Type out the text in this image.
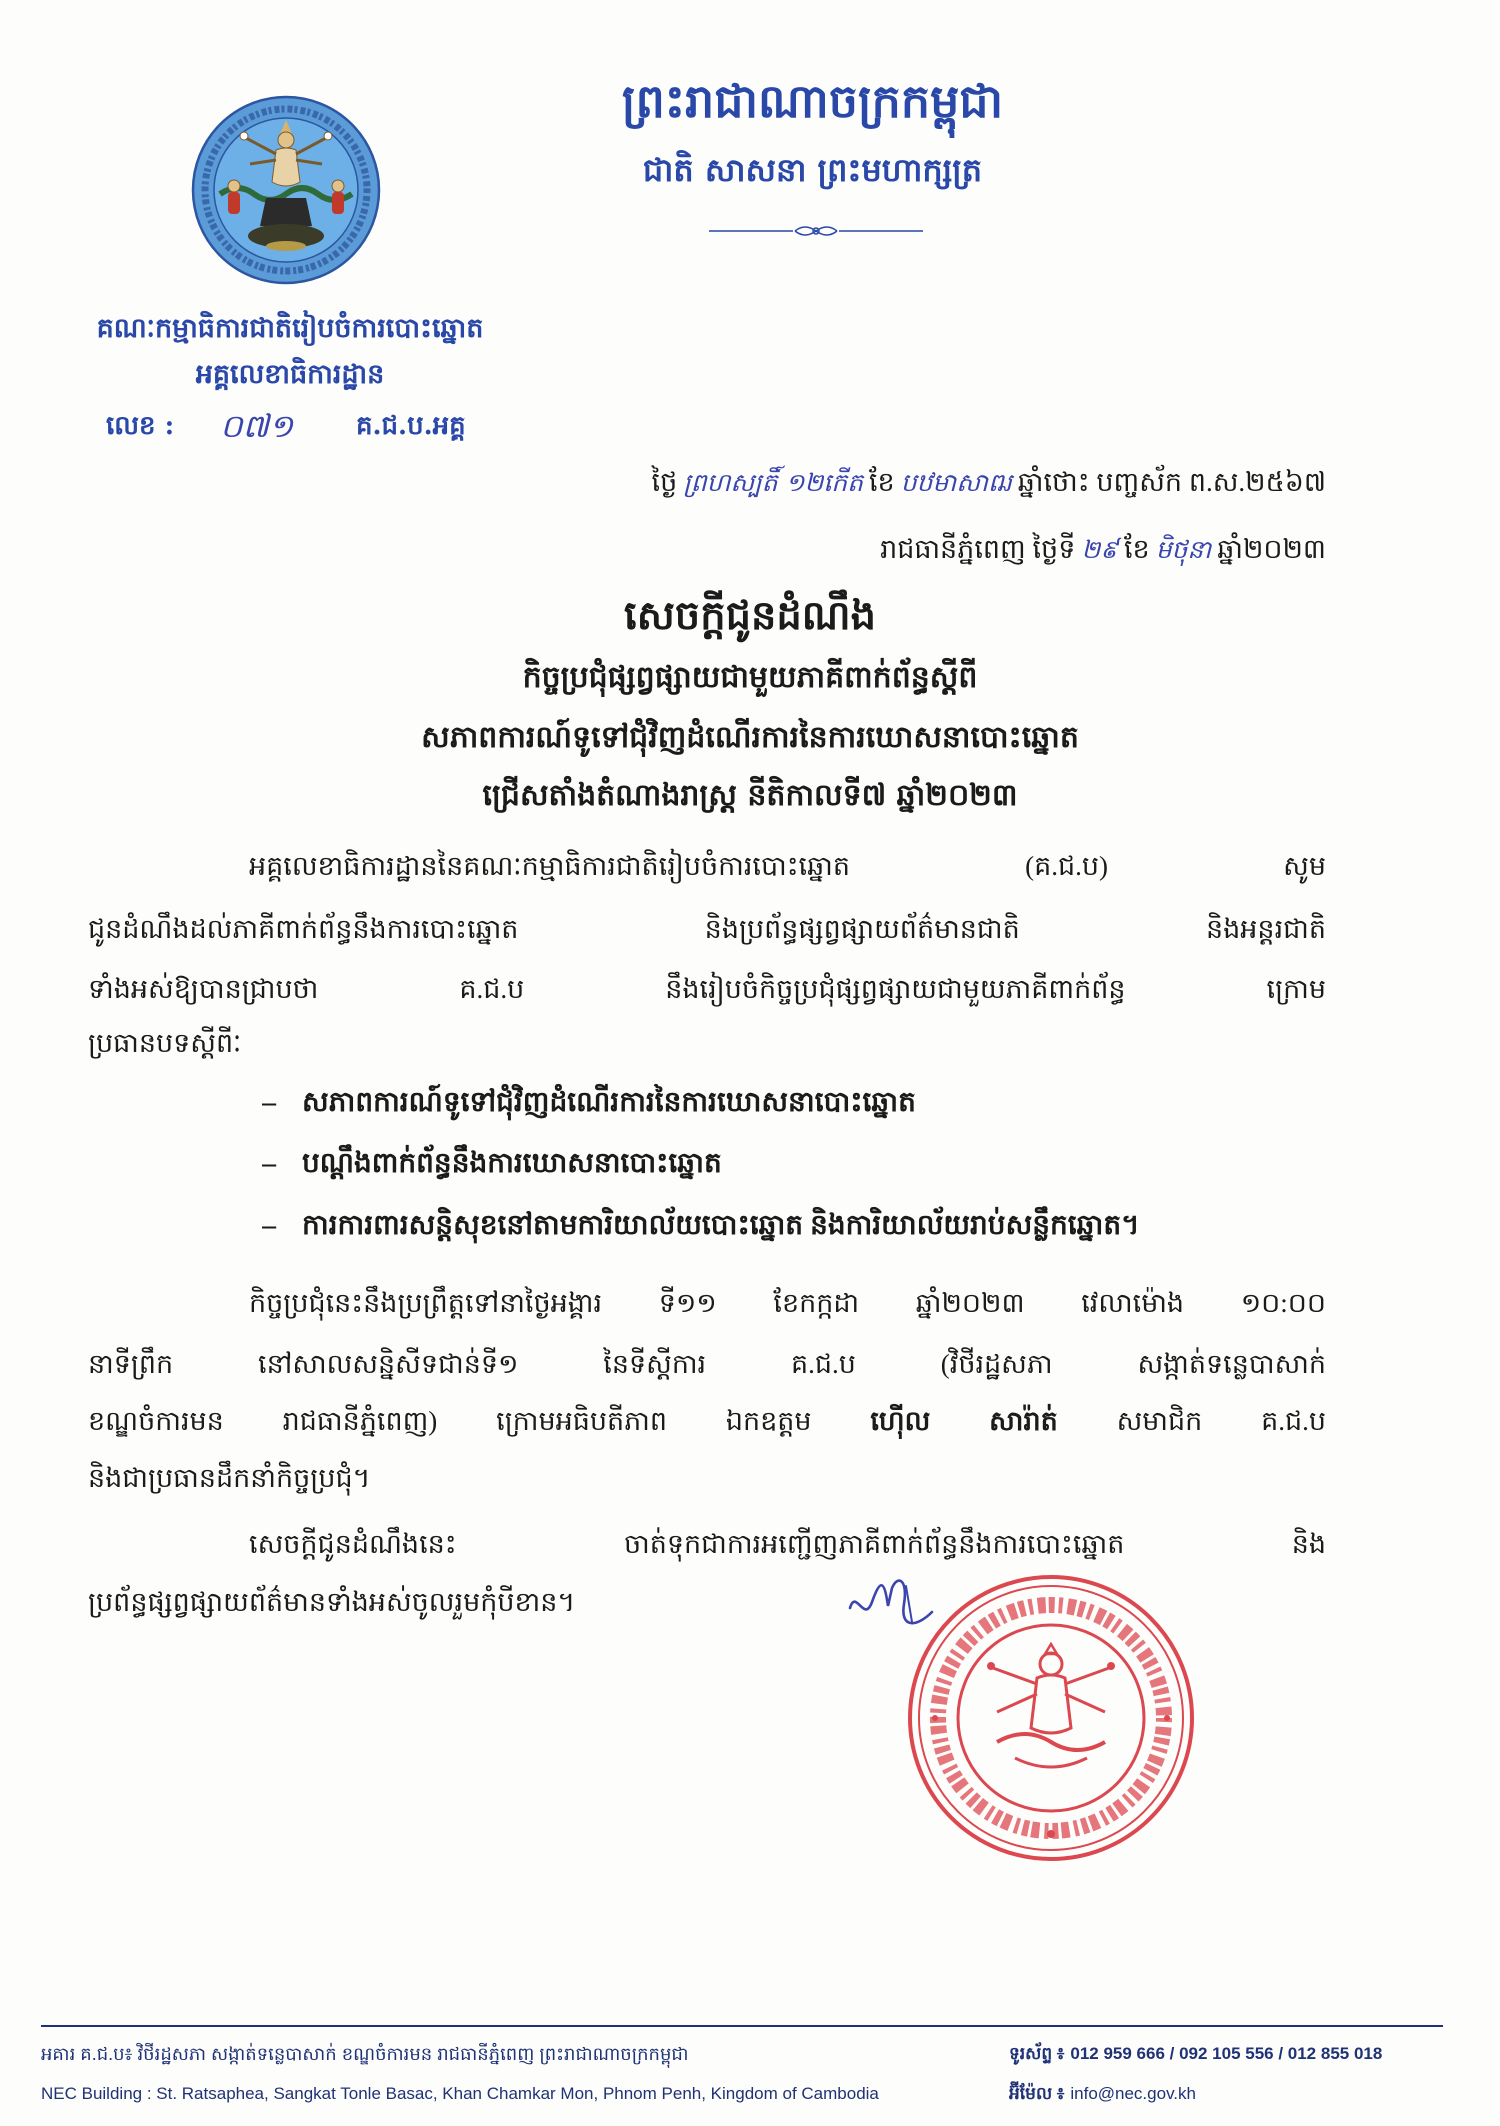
ព្រះរាជាណាចក្រកម្ពុជា
ជាតិ សាសនា ព្រះមហាក្សត្រ
គណៈកម្មាធិការជាតិរៀបចំការបោះឆ្នោត
អគ្គលេខាធិការដ្ឋាន
លេខ :	០៧១	គ.ជ.ប.អគ្គ
ថ្ងៃ ព្រហស្បតិ៍ ១២កើត ខែ បឋមាសាឍ ឆ្នាំថោះ បញ្ចស័ក ព.ស.២៥៦៧
រាជធានីភ្នំពេញ ថ្ងៃទី ២៩ ខែ មិថុនា ឆ្នាំ២០២៣
សេចក្តីជូនដំណឹង
កិច្ចប្រជុំផ្សព្វផ្សាយជាមួយភាគីពាក់ព័ន្ធស្តីពី
សភាពការណ៍ទូទៅជុំវិញដំណើរការនៃការឃោសនាបោះឆ្នោត
ជ្រើសតាំងតំណាងរាស្ត្រ នីតិកាលទី៧ ឆ្នាំ២០២៣
អគ្គលេខាធិការដ្ឋាននៃគណៈកម្មាធិការជាតិរៀបចំការបោះឆ្នោត (គ.ជ.ប) សូម
ជូនដំណឹងដល់ភាគីពាក់ព័ន្ធនឹងការបោះឆ្នោត និងប្រព័ន្ធផ្សព្វផ្សាយព័ត៌មានជាតិ និងអន្តរជាតិ
ទាំងអស់ឱ្យបានជ្រាបថា គ.ជ.ប នឹងរៀបចំកិច្ចប្រជុំផ្សព្វផ្សាយជាមួយភាគីពាក់ព័ន្ធ ក្រោម
ប្រធានបទស្តីពីៈ
– សភាពការណ៍ទូទៅជុំវិញដំណើរការនៃការឃោសនាបោះឆ្នោត
– បណ្តឹងពាក់ព័ន្ធនឹងការឃោសនាបោះឆ្នោត
– ការការពារសន្តិសុខនៅតាមការិយាល័យបោះឆ្នោត និងការិយាល័យរាប់សន្លឹកឆ្នោត។
កិច្ចប្រជុំនេះនឹងប្រព្រឹត្តទៅនាថ្ងៃអង្គារ ទី១១ ខែកក្កដា ឆ្នាំ២០២៣ វេលាម៉ោង ១០:០០
នាទីព្រឹក នៅសាលសន្និសីទជាន់ទី១ នៃទីស្តីការ គ.ជ.ប (វិថីរដ្ឋសភា សង្កាត់ទន្លេបាសាក់
ខណ្ឌចំការមន រាជធានីភ្នំពេញ) ក្រោមអធិបតីភាព ឯកឧត្តម ហ៊ើល សារ៉ាត់ សមាជិក គ.ជ.ប
និងជាប្រធានដឹកនាំកិច្ចប្រជុំ។
សេចក្តីជូនដំណឹងនេះ ចាត់ទុកជាការអញ្ជើញភាគីពាក់ព័ន្ធនឹងការបោះឆ្នោត និង
ប្រព័ន្ធផ្សព្វផ្សាយព័ត៌មានទាំងអស់ចូលរួមកុំបីខាន។
អគារ គ.ជ.ប៖ វិថីរដ្ឋសភា សង្កាត់ទន្លេបាសាក់ ខណ្ឌចំការមន រាជធានីភ្នំពេញ ព្រះរាជាណាចក្រកម្ពុជា	ទូរស័ព្ទ ៖ 012 959 666 / 092 105 556 / 012 855 018
NEC Building : St. Ratsaphea, Sangkat Tonle Basac, Khan Chamkar Mon, Phnom Penh, Kingdom of Cambodia	អ៊ីម៉ែល ៖ info@nec.gov.kh
